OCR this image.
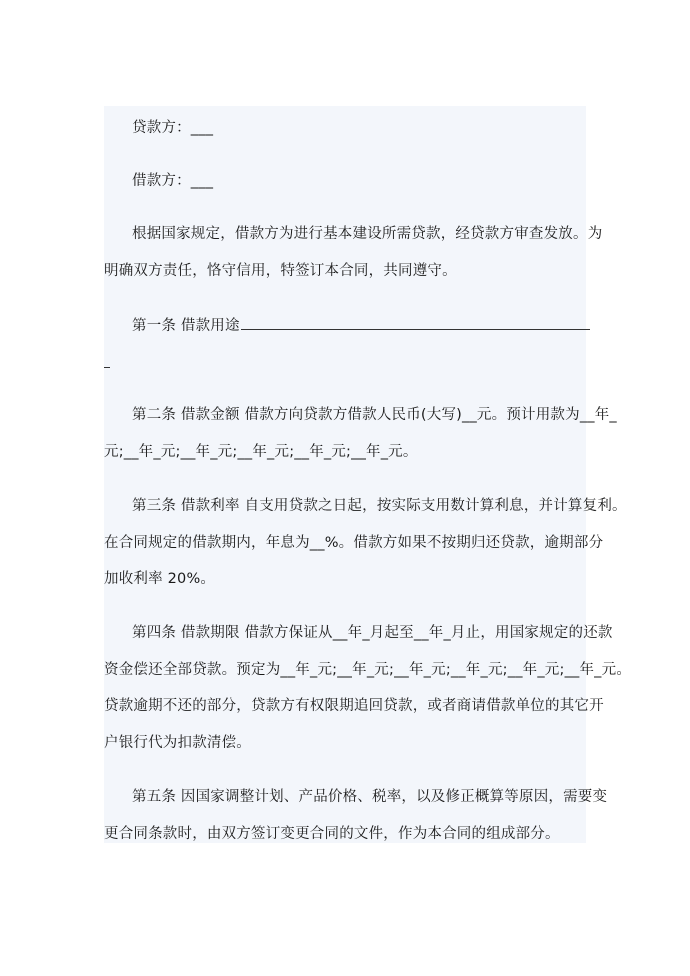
贷款方：___
借款方：___
根据国家规定，借款方为进行基本建设所需贷款，经贷款方审查发放。为
明确双方责任，恪守信用，特签订本合同，共同遵守。
第一条 借款用途
第二条 借款金额 借款方向贷款方借款人民币(大写)__元。预计用款为__年_
元;__年_元;__年_元;__年_元;__年_元;__年_元。
第三条 借款利率 自支用贷款之日起，按实际支用数计算利息，并计算复利。
在合同规定的借款期内，年息为__%。借款方如果不按期归还贷款，逾期部分
加收利率 20%。
第四条 借款期限 借款方保证从__年_月起至__年_月止，用国家规定的还款
资金偿还全部贷款。预定为__年_元;__年_元;__年_元;__年_元;__年_元;__年_元。
贷款逾期不还的部分，贷款方有权限期追回贷款，或者商请借款单位的其它开
户银行代为扣款清偿。
第五条 因国家调整计划、产品价格、税率，以及修正概算等原因，需要变
更合同条款时，由双方签订变更合同的文件，作为本合同的组成部分。
